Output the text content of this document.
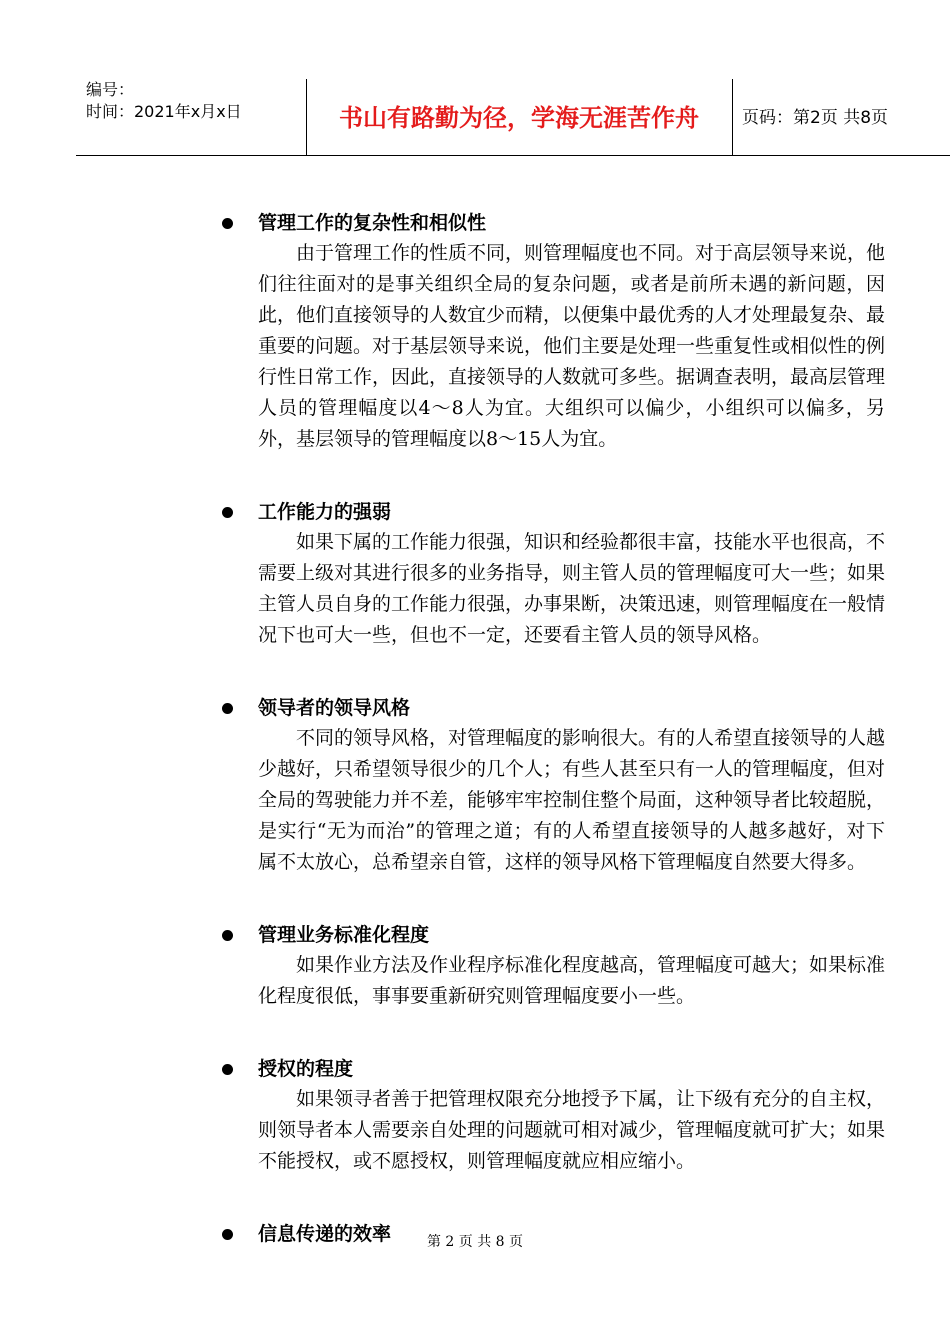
编号：
时间：2021年x月x日	书山有路勤为径，学海无涯苦作舟	页码：第2页 共8页
管理工作的复杂性和相似性

由于管理工作的性质不同，则管理幅度也不同。对于高层领导来说，他们往往面对的是事关组织全局的复杂问题，或者是前所未遇的新问题，因此，他们直接领导的人数宜少而精，以便集中最优秀的人才处理最复杂、最重要的问题。对于基层领导来说，他们主要是处理一些重复性或相似性的例行性日常工作，因此，直接领导的人数就可多些。据调查表明，最高层管理人员的管理幅度以4～8人为宜。大组织可以偏少，小组织可以偏多，另外，基层领导的管理幅度以8～15人为宜。

工作能力的强弱

如果下属的工作能力很强，知识和经验都很丰富，技能水平也很高，不需要上级对其进行很多的业务指导，则主管人员的管理幅度可大一些；如果主管人员自身的工作能力很强，办事果断，决策迅速，则管理幅度在一般情况下也可大一些，但也不一定，还要看主管人员的领导风格。

领导者的领导风格

不同的领导风格，对管理幅度的影响很大。有的人希望直接领导的人越少越好，只希望领导很少的几个人；有些人甚至只有一人的管理幅度，但对全局的驾驶能力并不差，能够牢牢控制住整个局面，这种领导者比较超脱，是实行“无为而治”的管理之道；有的人希望直接领导的人越多越好，对下属不太放心，总希望亲自管，这样的领导风格下管理幅度自然要大得多。

管理业务标准化程度

如果作业方法及作业程序标准化程度越高，管理幅度可越大；如果标准化程度很低，事事要重新研究则管理幅度要小一些。

授权的程度

如果领寻者善于把管理权限充分地授予下属，让下级有充分的自主权，则领导者本人需要亲自处理的问题就可相对减少，管理幅度就可扩大；如果不能授权，或不愿授权，则管理幅度就应相应缩小。

信息传递的效率	第 2 页 共 8 页
